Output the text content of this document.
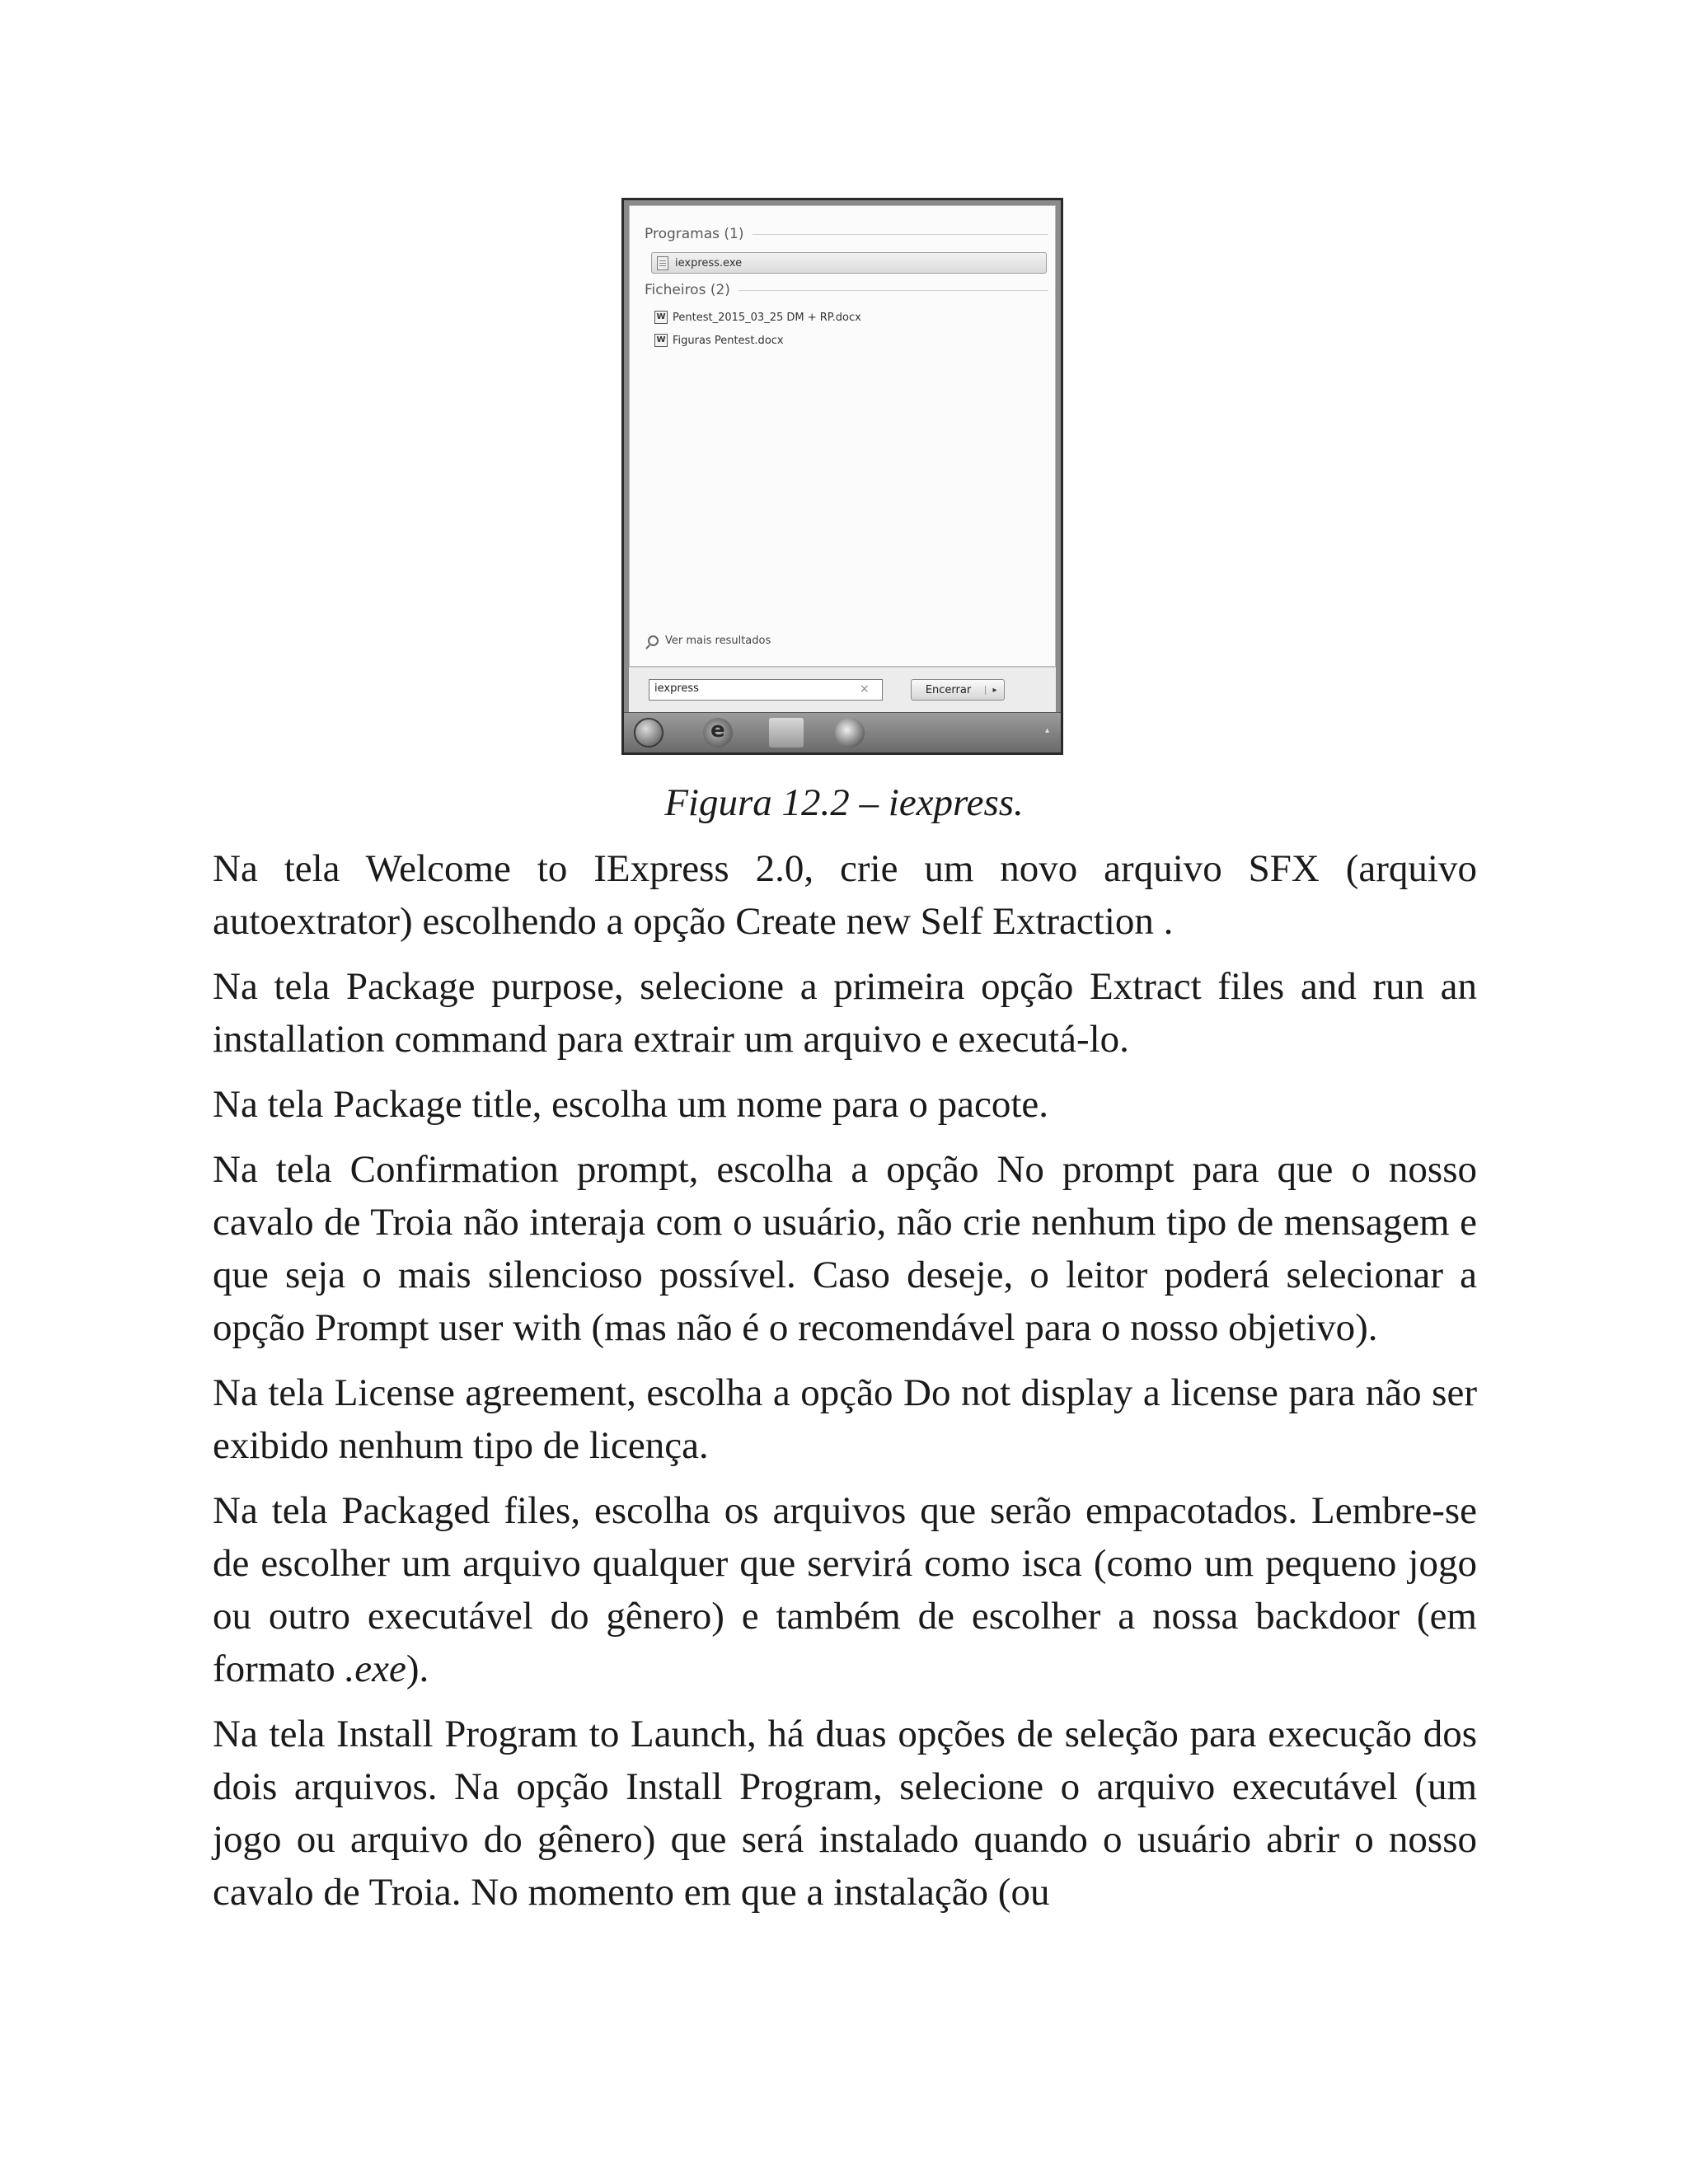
Programas (1)
iexpress.exe
Ficheiros (2)
W Pentest_2015_03_25 DM + RP.docx
W Figuras Pentest.docx
Ver mais resultados
iexpress	×	Encerrar	▸
e
▴
Figura 12.2 – iexpress.

Na tela Welcome to IExpress 2.0, crie um novo arquivo SFX (arquivo autoextrator) escolhendo a opção Create new Self Extraction .

Na tela Package purpose, selecione a primeira opção Extract files and run an installation command para extrair um arquivo e executá-lo.

Na tela Package title, escolha um nome para o pacote.

Na tela Confirmation prompt, escolha a opção No prompt para que o nosso cavalo de Troia não interaja com o usuário, não crie nenhum tipo de mensagem e que seja o mais silencioso possível. Caso deseje, o leitor poderá selecionar a opção Prompt user with (mas não é o recomendável para o nosso objetivo).

Na tela License agreement, escolha a opção Do not display a license para não ser exibido nenhum tipo de licença.

Na tela Packaged files, escolha os arquivos que serão empacotados. Lembre-se de escolher um arquivo qualquer que servirá como isca (como um pequeno jogo ou outro executável do gênero) e também de escolher a nossa backdoor (em formato .exe).

Na tela Install Program to Launch, há duas opções de seleção para execução dos dois arquivos. Na opção Install Program, selecione o arquivo executável (um jogo ou arquivo do gênero) que será instalado quando o usuário abrir o nosso cavalo de Troia. No momento em que a instalação (ou
